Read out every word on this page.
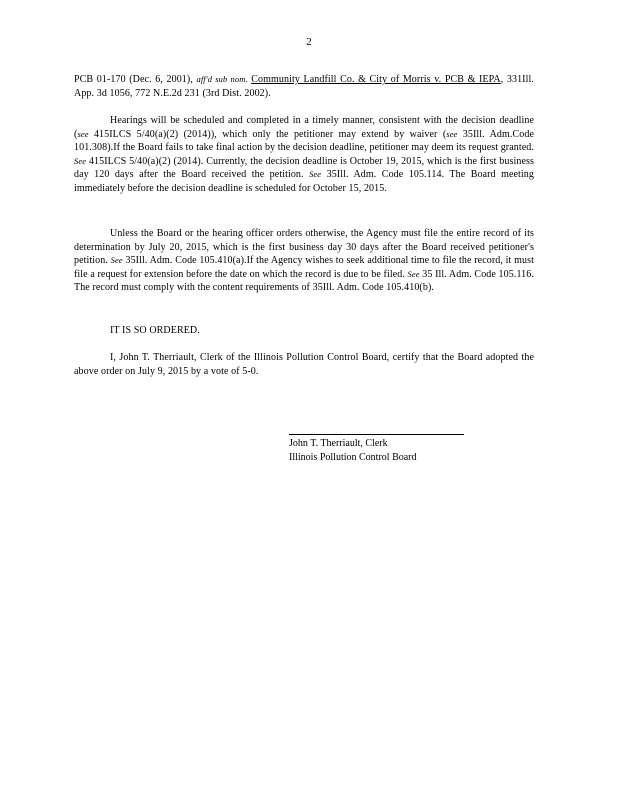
2

PCB 01-170 (Dec. 6, 2001), aff'd sub nom. Community Landfill Co. & City of Morris v. PCB & IEPA, 331Ill. App. 3d 1056, 772 N.E.2d 231 (3rd Dist. 2002).

Hearings will be scheduled and completed in a timely manner, consistent with the decision deadline (see 415ILCS 5/40(a)(2) (2014)), which only the petitioner may extend by waiver (see 35Ill. Adm.Code 101.308).If the Board fails to take final action by the decision deadline, petitioner may deem its request granted. See 415ILCS 5/40(a)(2) (2014). Currently, the decision deadline is October 19, 2015, which is the first business day 120 days after the Board received the petition. See 35Ill. Adm. Code 105.114. The Board meeting immediately before the decision deadline is scheduled for October 15, 2015.

Unless the Board or the hearing officer orders otherwise, the Agency must file the entire record of its determination by July 20, 2015, which is the first business day 30 days after the Board received petitioner's petition. See 35Ill. Adm. Code 105.410(a).If the Agency wishes to seek additional time to file the record, it must file a request for extension before the date on which the record is due to be filed. See 35 Ill. Adm. Code 105.116. The record must comply with the content requirements of 35Ill. Adm. Code 105.410(b).

IT IS SO ORDERED.

I, John T. Therriault, Clerk of the Illinois Pollution Control Board, certify that the Board adopted the above order on July 9, 2015 by a vote of 5-0.

John T. Therriault, Clerk
Illinois Pollution Control Board
